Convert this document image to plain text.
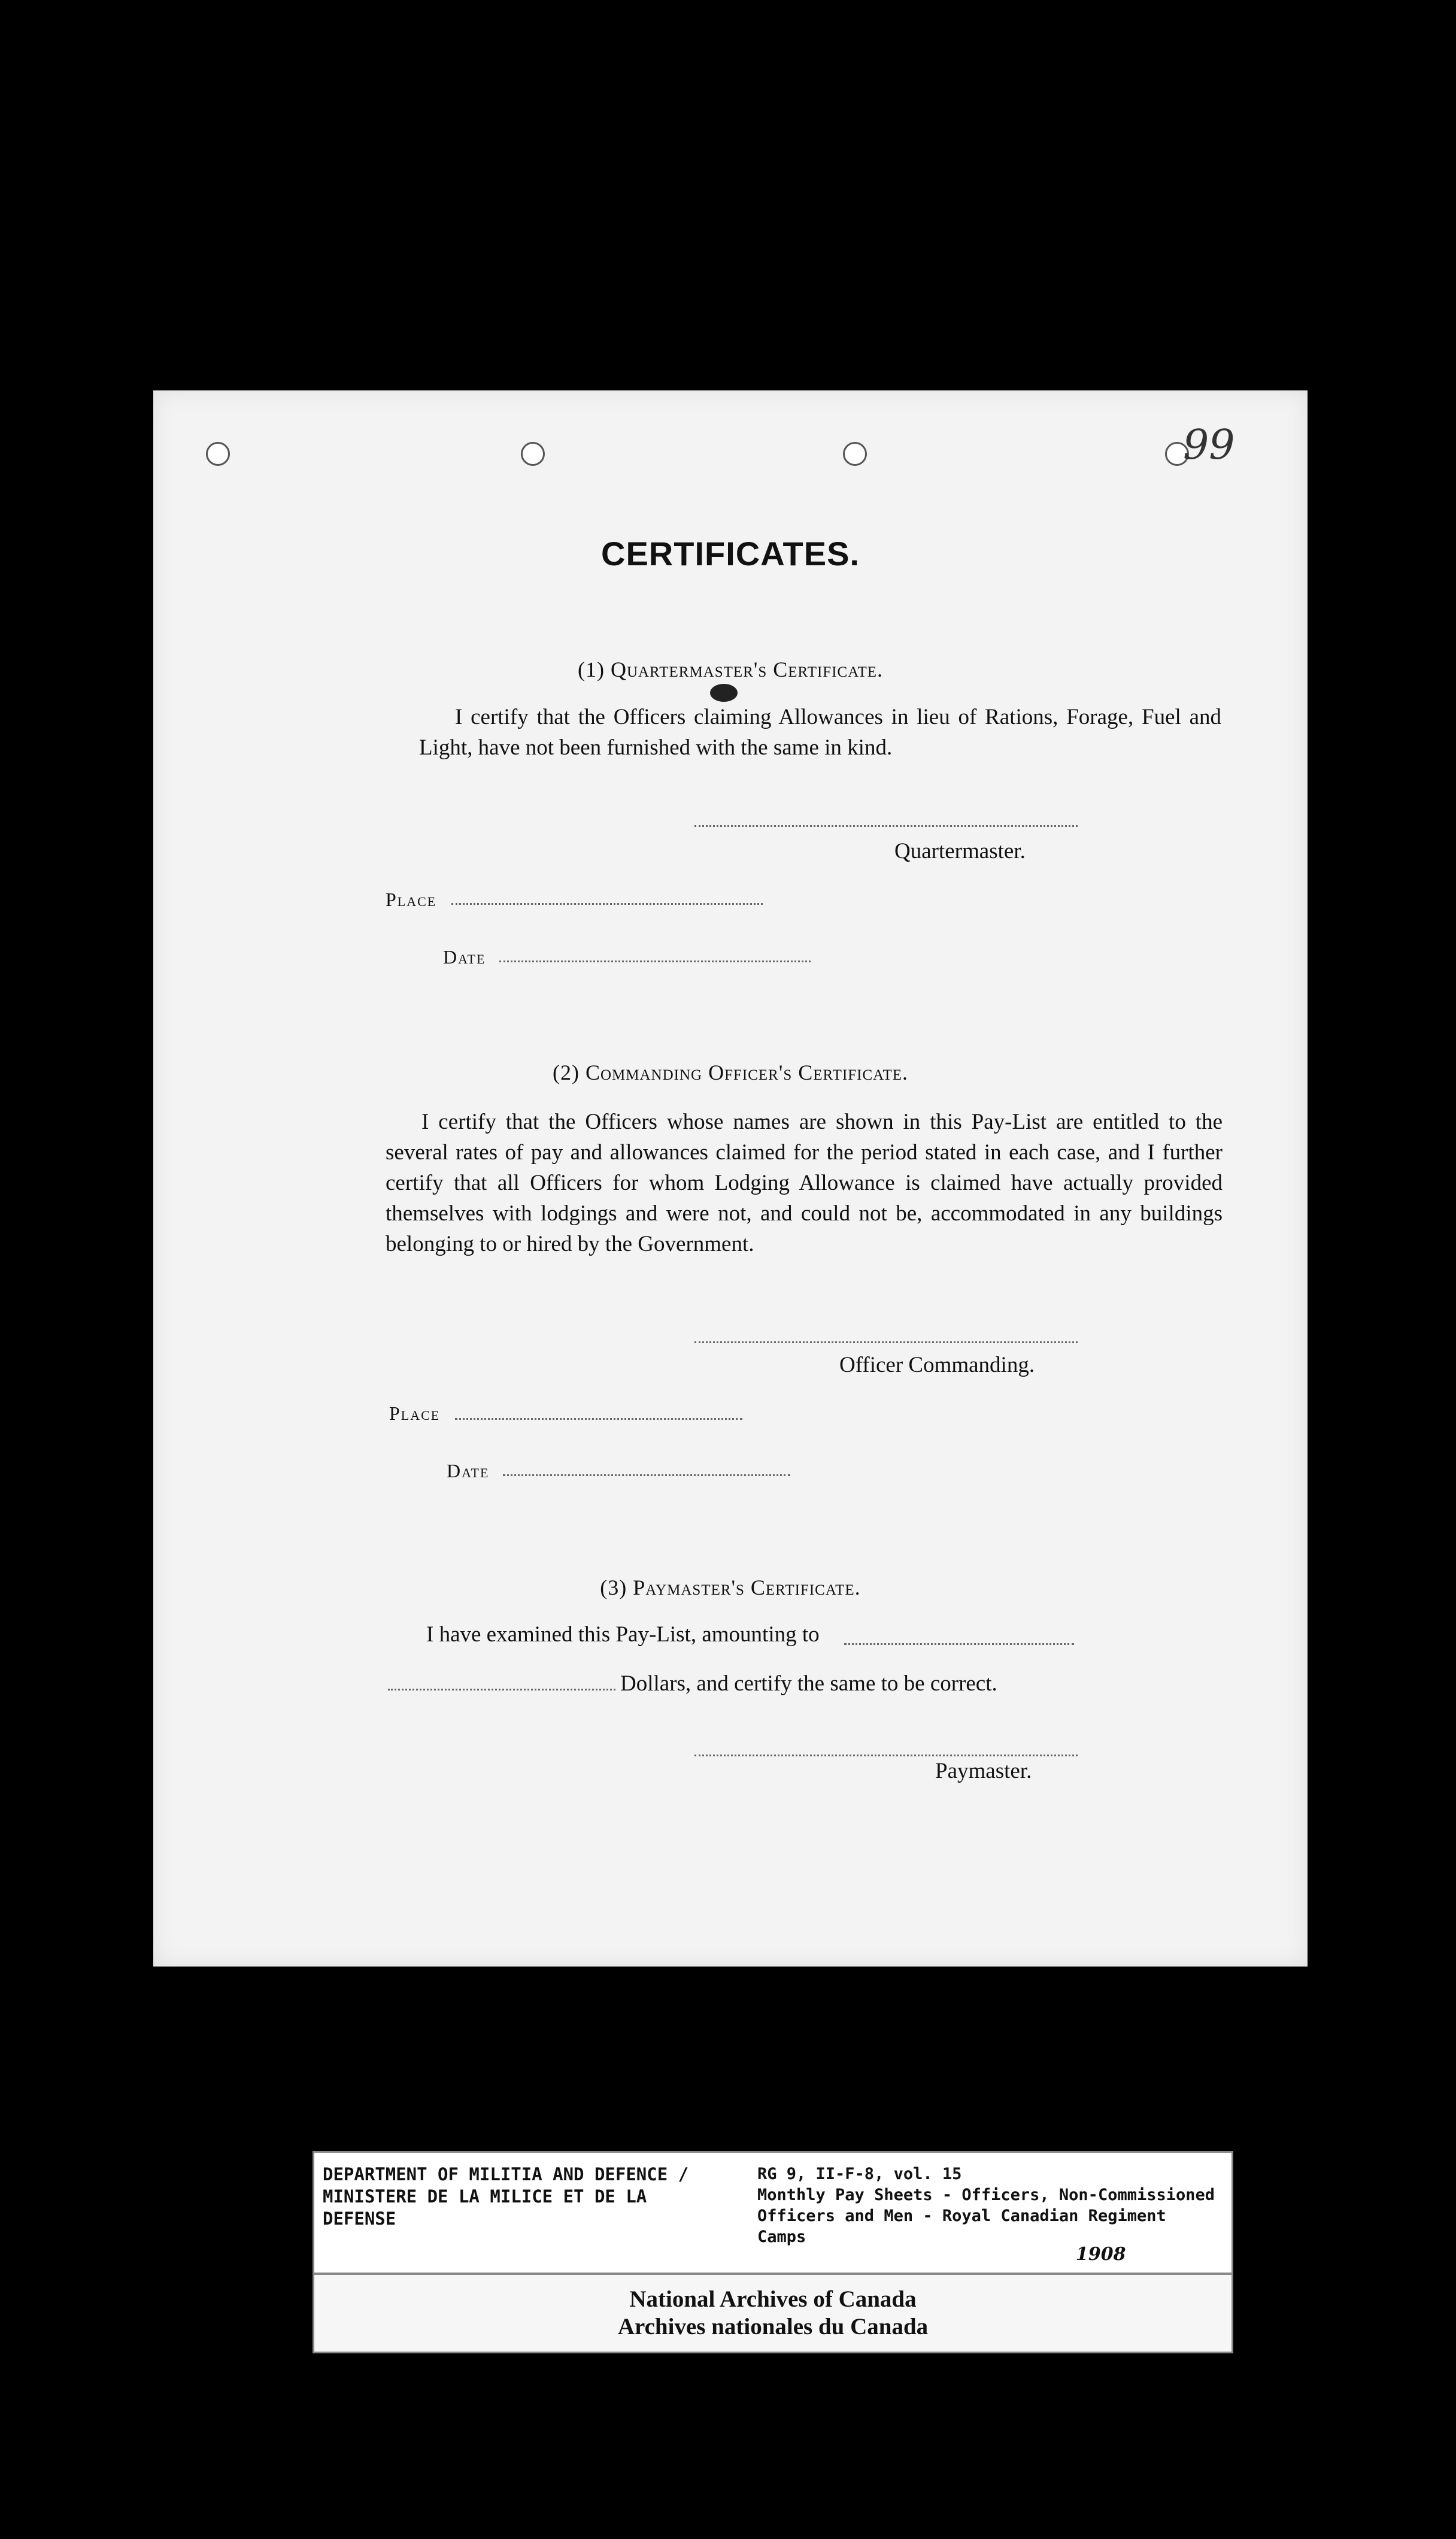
99
CERTIFICATES.
(1) Quartermaster's Certificate.
I certify that the Officers claiming Allowances in lieu of Rations, Forage, Fuel and Light, have not been furnished with the same in kind.
Quartermaster.
Place
Date
(2) Commanding Officer's Certificate.
I certify that the Officers whose names are shown in this Pay-List are entitled to the several rates of pay and allowances claimed for the period stated in each case, and I further certify that all Officers for whom Lodging Allowance is claimed have actually provided themselves with lodgings and were not, and could not be, accommodated in any buildings belonging to or hired by the Government.
Officer Commanding.
Place
Date
(3) Paymaster's Certificate.
I have examined this Pay-List, amounting to
Dollars, and certify the same to be correct.
Paymaster.
DEPARTMENT OF MILITIA AND DEFENCE / MINISTERE DE LA MILICE ET DE LA DEFENSE
RG 9, II-F-8, vol. 15
Monthly Pay Sheets - Officers, Non-Commissioned Officers and Men - Royal Canadian Regiment Camps
1908
National Archives of Canada
Archives nationales du Canada
